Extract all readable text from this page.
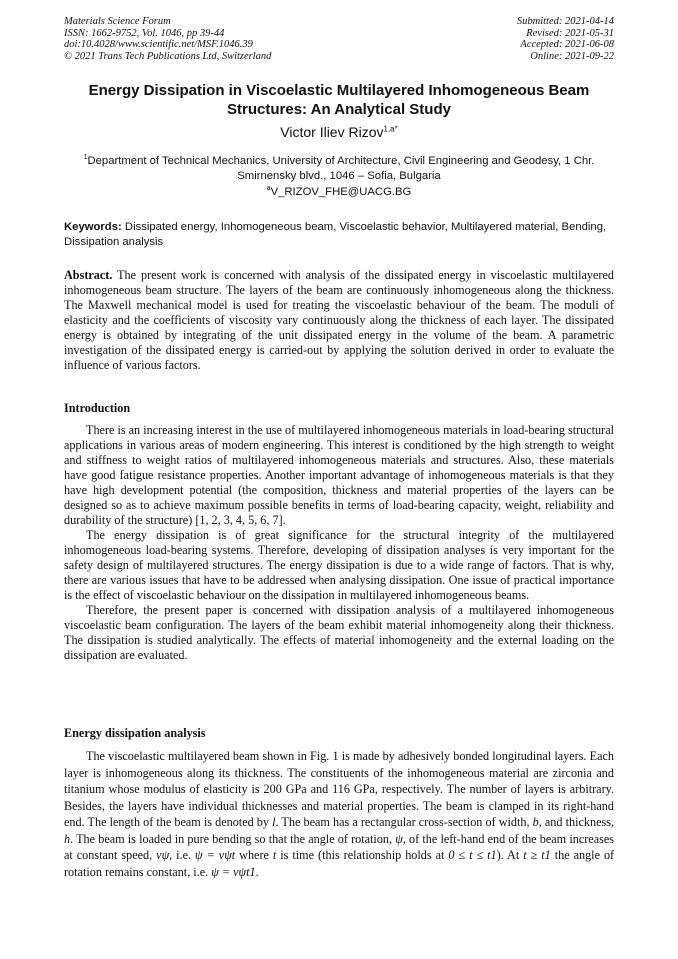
Materials Science Forum
ISSN: 1662-9752, Vol. 1046, pp 39-44
doi:10.4028/www.scientific.net/MSF.1046.39
© 2021 Trans Tech Publications Ltd, Switzerland
Submitted: 2021-04-14
Revised: 2021-05-31
Accepted: 2021-06-08
Online: 2021-09-22
Energy Dissipation in Viscoelastic Multilayered Inhomogeneous Beam Structures: An Analytical Study
Victor Iliev Rizov$^{1,a*}$
$^1$Department of Technical Mechanics, University of Architecture, Civil Engineering and Geodesy, 1 Chr. Smirnensky blvd., 1046 – Sofia, Bulgaria
$^a$V_RIZOV_FHE@UACG.BG
Keywords: Dissipated energy, Inhomogeneous beam, Viscoelastic behavior, Multilayered material, Bending, Dissipation analysis

Abstract. The present work is concerned with analysis of the dissipated energy in viscoelastic multilayered inhomogeneous beam structure. The layers of the beam are continuously inhomogeneous along the thickness. The Maxwell mechanical model is used for treating the viscoelastic behaviour of the beam. The moduli of elasticity and the coefficients of viscosity vary continuously along the thickness of each layer. The dissipated energy is obtained by integrating of the unit dissipated energy in the volume of the beam. A parametric investigation of the dissipated energy is carried-out by applying the solution derived in order to evaluate the influence of various factors.

Introduction

There is an increasing interest in the use of multilayered inhomogeneous materials in load-bearing structural applications in various areas of modern engineering. This interest is conditioned by the high strength to weight and stiffness to weight ratios of multilayered inhomogeneous materials and structures. Also, these materials have good fatigue resistance properties. Another important advantage of inhomogeneous materials is that they have high development potential (the composition, thickness and material properties of the layers can be designed so as to achieve maximum possible benefits in terms of load-bearing capacity, weight, reliability and durability of the structure) [1, 2, 3, 4, 5, 6, 7].

The energy dissipation is of great significance for the structural integrity of the multilayered inhomogeneous load-bearing systems. Therefore, developing of dissipation analyses is very important for the safety design of multilayered structures. The energy dissipation is due to a wide range of factors. That is why, there are various issues that have to be addressed when analysing dissipation. One issue of practical importance is the effect of viscoelastic behaviour on the dissipation in multilayered inhomogeneous beams.

Therefore, the present paper is concerned with dissipation analysis of a multilayered inhomogeneous viscoelastic beam configuration. The layers of the beam exhibit material inhomogeneity along their thickness. The dissipation is studied analytically. The effects of material inhomogeneity and the external loading on the dissipation are evaluated.

Energy dissipation analysis

The viscoelastic multilayered beam shown in Fig. 1 is made by adhesively bonded longitudinal layers. Each layer is inhomogeneous along its thickness. The constituents of the inhomogeneous material are zirconia and titanium whose modulus of elasticity is 200 GPa and 116 GPa, respectively. The number of layers is arbitrary. Besides, the layers have individual thicknesses and material properties. The beam is clamped in its right-hand end. The length of the beam is denoted by l. The beam has a rectangular cross-section of width, b, and thickness, h. The beam is loaded in pure bending so that the angle of rotation, ψ, of the left-hand end of the beam increases at constant speed, vψ, i.e. ψ = vψt where t is time (this relationship holds at 0 ≤ t ≤ t1). At t ≥ t1 the angle of rotation remains constant, i.e. ψ = vψt1.
